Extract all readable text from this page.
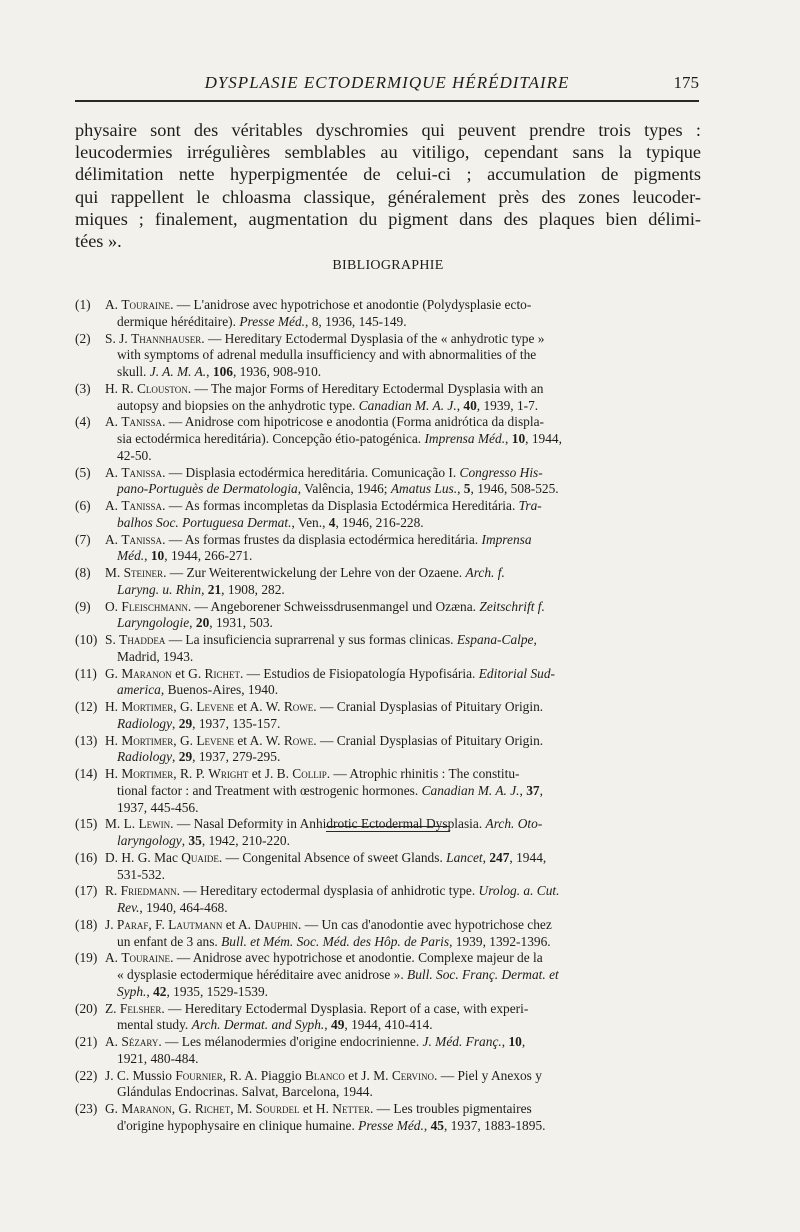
DYSPLASIE ECTODERMIQUE HÉRÉDITAIRE	175
physaire sont des véritables dyschromies qui peuvent prendre trois types :
leucodermies irrégulières semblables au vitiligo, cependant sans la typique
délimitation nette hyperpigmentée de celui-ci ; accumulation de pigments
qui rappellent le chloasma classique, généralement près des zones leucoder-
miques ; finalement, augmentation du pigment dans des plaques bien délimi-
tées ».
BIBLIOGRAPHIE
(1) A. Touraine. — L'anidrose avec hypotrichose et anodontie (Polydysplasie ecto-
dermique héréditaire). Presse Méd., 8, 1936, 145-149.
(2) S. J. Thannhauser. — Hereditary Ectodermal Dysplasia of the « anhydrotic type »
with symptoms of adrenal medulla insufficiency and with abnormalities of the
skull. J. A. M. A., 106, 1936, 908-910.
(3) H. R. Clouston. — The major Forms of Hereditary Ectodermal Dysplasia with an
autopsy and biopsies on the anhydrotic type. Canadian M. A. J., 40, 1939, 1-7.
(4) A. Tanissa. — Anidrose com hipotricose e anodontia (Forma anidrótica da displa-
sia ectodérmica hereditária). Concepção étio-patogénica. Imprensa Méd., 10, 1944,
42-50.
(5) A. Tanissa. — Displasia ectodérmica hereditária. Comunicação I. Congresso His-
pano-Portuguès de Dermatologia, Valência, 1946; Amatus Lus., 5, 1946, 508-525.
(6) A. Tanissa. — As formas incompletas da Displasia Ectodérmica Hereditária. Tra-
balhos Soc. Portuguesa Dermat., Ven., 4, 1946, 216-228.
(7) A. Tanissa. — As formas frustes da displasia ectodérmica hereditária. Imprensa
Méd., 10, 1944, 266-271.
(8) M. Steiner. — Zur Weiterentwickelung der Lehre von der Ozaene. Arch. f.
Laryng. u. Rhin, 21, 1908, 282.
(9) O. Fleischmann. — Angeborener Schweissdrusenmangel und Ozæna. Zeitschrift f.
Laryngologie, 20, 1931, 503.
(10) S. Thaddea — La insuficiencia suprarrenal y sus formas clinicas. Espana-Calpe,
Madrid, 1943.
(11) G. Maranon et G. Richet. — Estudios de Fisiopatología Hypofisária. Editorial Sud-
america, Buenos-Aires, 1940.
(12) H. Mortimer, G. Levene et A. W. Rowe. — Cranial Dysplasias of Pituitary Origin.
Radiology, 29, 1937, 135-157.
(13) H. Mortimer, G. Levene et A. W. Rowe. — Cranial Dysplasias of Pituitary Origin.
Radiology, 29, 1937, 279-295.
(14) H. Mortimer, R. P. Wright et J. B. Collip. — Atrophic rhinitis : The constitu-
tional factor : and Treatment with œstrogenic hormones. Canadian M. A. J., 37,
1937, 445-456.
(15) M. L. Lewin. — Nasal Deformity in Anhidrotic Ectodermal Dysplasia. Arch. Oto-
laryngology, 35, 1942, 210-220.
(16) D. H. G. Mac Quaide. — Congenital Absence of sweet Glands. Lancet, 247, 1944,
531-532.
(17) R. Friedmann. — Hereditary ectodermal dysplasia of anhidrotic type. Urolog. a. Cut.
Rev., 1940, 464-468.
(18) J. Paraf, F. Lautmann et A. Dauphin. — Un cas d'anodontie avec hypotrichose chez
un enfant de 3 ans. Bull. et Mém. Soc. Méd. des Hôp. de Paris, 1939, 1392-1396.
(19) A. Touraine. — Anidrose avec hypotrichose et anodontie. Complexe majeur de la
« dysplasie ectodermique héréditaire avec anidrose ». Bull. Soc. Franç. Dermat. et
Syph., 42, 1935, 1529-1539.
(20) Z. Felsher. — Hereditary Ectodermal Dysplasia. Report of a case, with experi-
mental study. Arch. Dermat. and Syph., 49, 1944, 410-414.
(21) A. Sézary. — Les mélanodermies d'origine endocrinienne. J. Méd. Franç., 10,
1921, 480-484.
(22) J. C. Mussio Fournier, R. A. Piaggio Blanco et J. M. Cervino. — Piel y Anexos y
Glándulas Endocrinas. Salvat, Barcelona, 1944.
(23) G. Maranon, G. Richet, M. Sourdel et H. Netter. — Les troubles pigmentaires
d'origine hypophysaire en clinique humaine. Presse Méd., 45, 1937, 1883-1895.
